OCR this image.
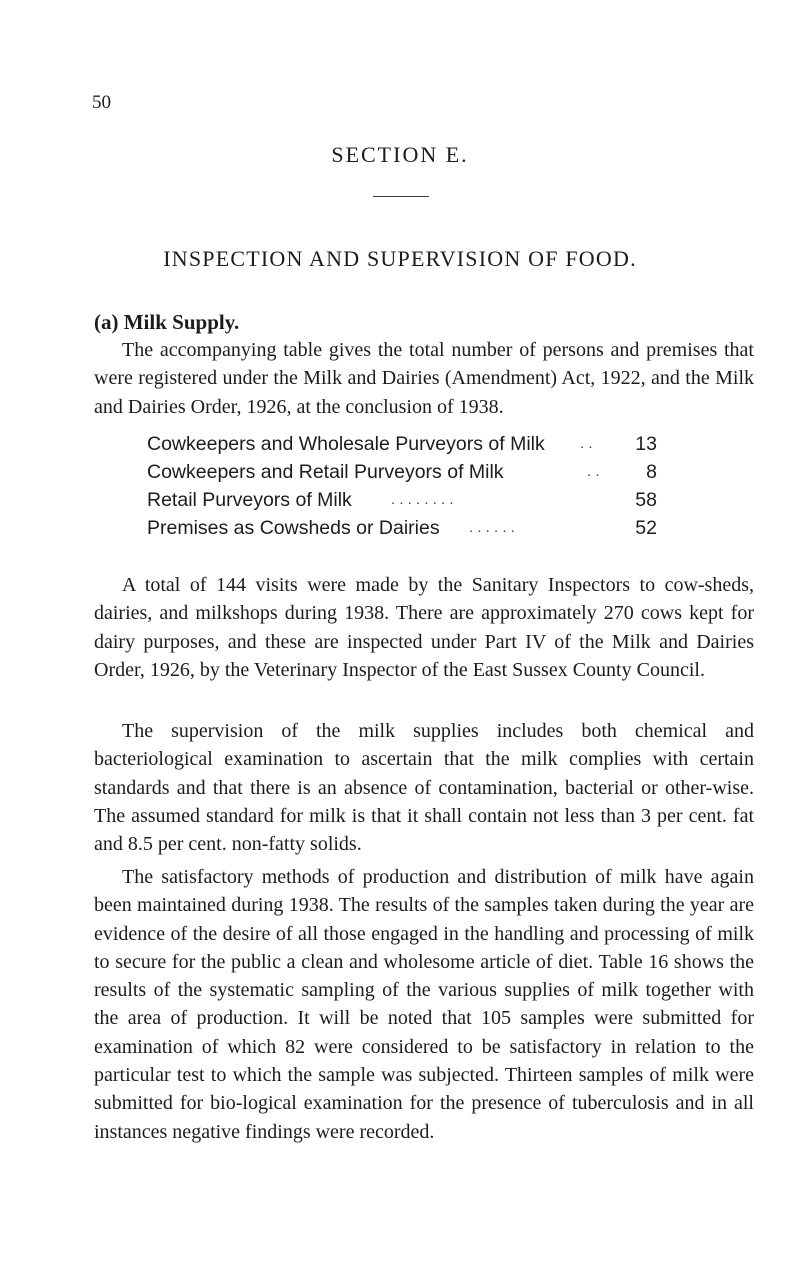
50
SECTION E.
INSPECTION AND SUPERVISION OF FOOD.
(a) Milk Supply.

The accompanying table gives the total number of persons and premises that were registered under the Milk and Dairies (Amendment) Act, 1922, and the Milk and Dairies Order, 1926, at the conclusion of 1938.

Cowkeepers and Wholesale Purveyors of Milk . . 13
Cowkeepers and Retail Purveyors of Milk	. . 8
Retail Purveyors of Milk	. . . . . . . .	58
Premises as Cowsheds or Dairies . . . . . .	52

A total of 144 visits were made by the Sanitary Inspectors to cow-sheds, dairies, and milkshops during 1938. There are approximately 270 cows kept for dairy purposes, and these are inspected under Part IV of the Milk and Dairies Order, 1926, by the Veterinary Inspector of the East Sussex County Council.

The supervision of the milk supplies includes both chemical and bacteriological examination to ascertain that the milk complies with certain standards and that there is an absence of contamination, bacterial or other-wise. The assumed standard for milk is that it shall contain not less than 3 per cent. fat and 8.5 per cent. non-fatty solids.

The satisfactory methods of production and distribution of milk have again been maintained during 1938. The results of the samples taken during the year are evidence of the desire of all those engaged in the handling and processing of milk to secure for the public a clean and wholesome article of diet. Table 16 shows the results of the systematic sampling of the various supplies of milk together with the area of production. It will be noted that 105 samples were submitted for examination of which 82 were considered to be satisfactory in relation to the particular test to which the sample was subjected. Thirteen samples of milk were submitted for bio-logical examination for the presence of tuberculosis and in all instances negative findings were recorded.
